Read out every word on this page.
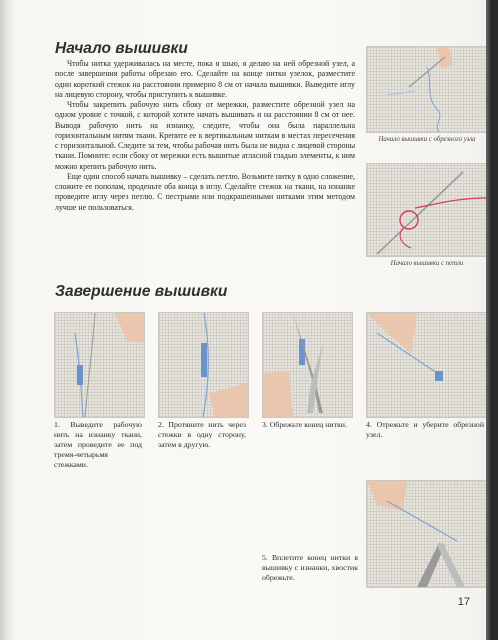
Начало вышивки

Чтобы нитка удерживалась на месте, пока я шью, я делаю на ней обрезной узел, а после завершения работы обрезаю его. Сделайте на конце нитки узелок, разместите один короткий стежок на расстоянии примерно 8 см от начала вышивки. Выведите иглу на лицевую сторону, чтобы приступить к вышивке.

Чтобы закрепить рабочую нить сбоку от мережки, разместите обрезной узел на одном уровне с точкой, с которой хотите начать вышивать и на расстоянии 8 см от нее. Выводя рабочую нить на изнанку, следите, чтобы она была параллельна горизонтальным нитям ткани. Крепите ее к вертикальным ниткам в местах пересечения с горизонтальной. Следите за тем, чтобы рабочая нить была не видна с лицевой стороны ткани. Помните: если сбоку от мережки есть вышитые атласной гладью элементы, к ним можно крепить рабочую нить.

Еще один способ начать вышивку – сделать петлю. Возьмите нитку в одно сложение, сложите ее пополам, проденьте оба конца в иглу. Сделайте стежок на ткани, на изнанке проведите иглу через петлю. С пестрыми или подкрашенными нитками этим методом лучше не пользоваться.

Начало вышивки с обрезного узла

Начало вышивки с петли

Завершение вышивки

1. Выведите рабочую нить на изнанку ткани, затем проведите ее под тремя-четырьмя стежками.

2. Протяните нить через стежки в одну сторону, затем в другую.

3. Обрежьте конец нитки.	4. Отрежьте и уберите обрезной узел.

5. Вплетите конец нитки в вышивку с изнанки, хвостик обрежьте.

17
